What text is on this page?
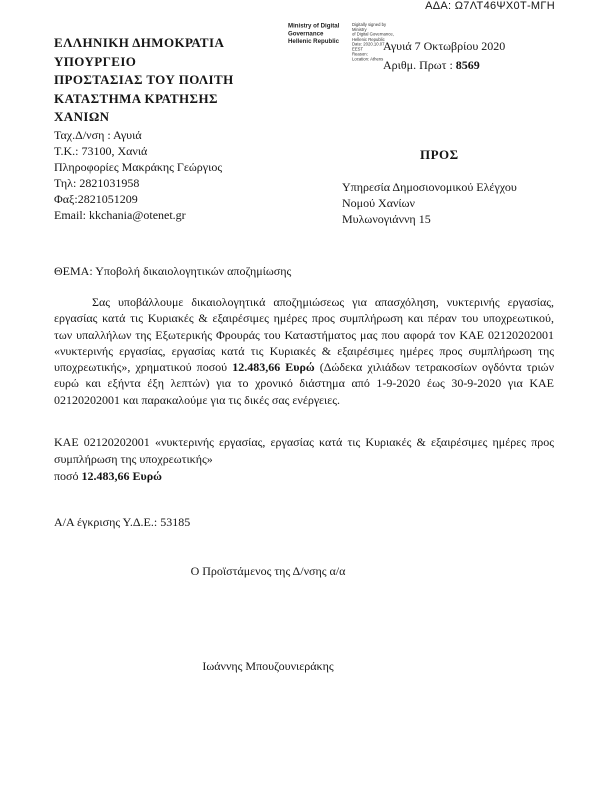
ΑΔΑ: Ω7ΛΤ46ΨΧ0Τ-ΜΓΗ
ΕΛΛΗΝΙΚΗ ΔΗΜΟΚΡΑΤΙΑ
ΥΠΟΥΡΓΕΙΟ
ΠΡΟΣΤΑΣΙΑΣ ΤΟΥ ΠΟΛΙΤΗ
ΚΑΤΑΣΤΗΜΑ ΚΡΑΤΗΣΗΣ
ΧΑΝΙΩΝ
Ministry of Digital
Governance
Hellenic Republic
Digitally signed by Ministry
of Digital Governance,
Hellenic Republic
Date: 2020.10.07
EEST
Reason:
Location: Athens
Αγυιά 7 Οκτωβρίου 2020
Αριθμ. Πρωτ : 8569
Ταχ.Δ/νση : Αγυιά
Τ.Κ.: 73100, Χανιά
Πληροφορίες Μακράκης Γεώργιος
Τηλ: 2821031958
Φαξ:2821051209
Email: kkchania@otenet.gr
ΠΡΟΣ
Υπηρεσία Δημοσιονομικού Ελέγχου
Νομού Χανίων
Μυλωνογιάννη 15
ΘΕΜΑ: Υποβολή δικαιολογητικών αποζημίωσης
Σας υποβάλλουμε δικαιολογητικά αποζημιώσεως για απασχόληση, νυκτερινής εργασίας, εργασίας κατά τις Κυριακές & εξαιρέσιμες ημέρες προς συμπλήρωση και πέραν του υποχρεωτικού, των υπαλλήλων της Εξωτερικής Φρουράς του Καταστήματος μας που αφορά τον ΚΑΕ 02120202001 «νυκτερινής εργασίας, εργασίας κατά τις Κυριακές & εξαιρέσιμες ημέρες προς συμπλήρωση της υποχρεωτικής», χρηματικού ποσού 12.483,66 Ευρώ (Δώδεκα χιλιάδων τετρακοσίων ογδόντα τριών ευρώ και εξήντα έξη λεπτών) για το χρονικό διάστημα από 1-9-2020 έως 30-9-2020 για ΚΑΕ 02120202001 και παρακαλούμε για τις δικές σας ενέργειες.
ΚΑΕ 02120202001 «νυκτερινής εργασίας, εργασίας κατά τις Κυριακές & εξαιρέσιμες ημέρες προς συμπλήρωση της υποχρεωτικής»
ποσό 12.483,66 Ευρώ
Α/Α έγκρισης Υ.Δ.Ε.: 53185
Ο Προϊστάμενος της Δ/νσης α/α
Ιωάννης Μπουζουνιεράκης
